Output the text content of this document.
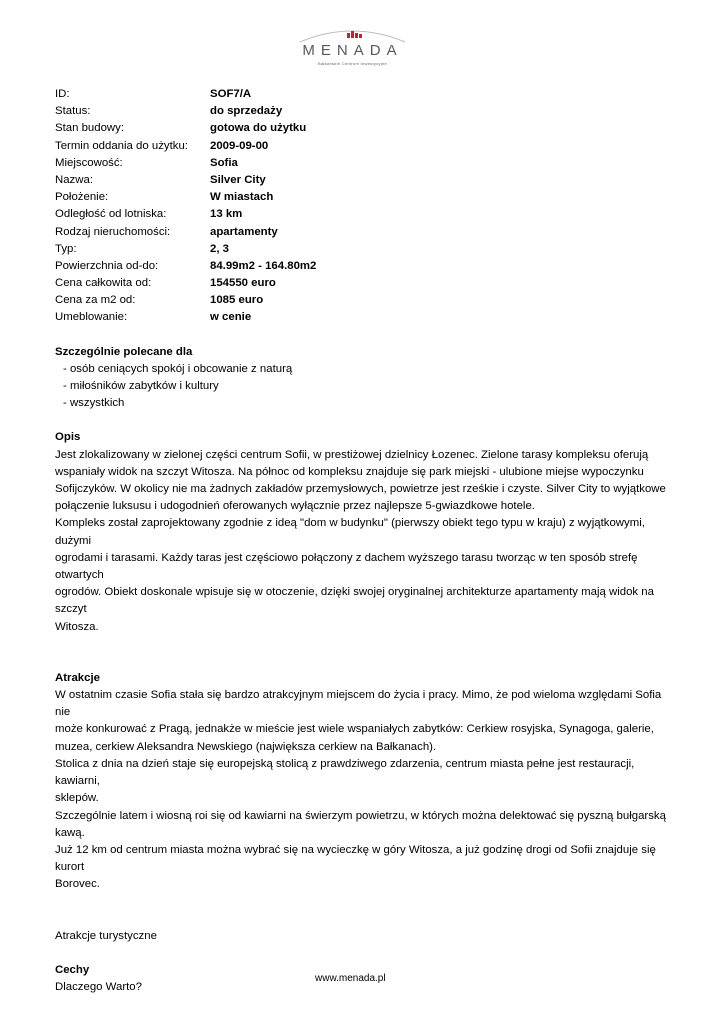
MENADA
Bałkańskie Centrum Inwestycyjne
ID:	SOF7/A
Status:	do sprzedaży
Stan budowy:	gotowa do użytku
Termin oddania do użytku:	2009-09-00
Miejscowość:	Sofia
Nazwa:	Silver City
Położenie:	W miastach
Odległość od lotniska:	13 km
Rodzaj nieruchomości:	apartamenty
Typ:	2, 3
Powierzchnia od-do:	84.99m2 - 164.80m2
Cena całkowita od:	154550 euro
Cena za m2 od:	1085 euro
Umeblowanie:	w cenie
Szczególnie polecane dla
- osób ceniących spokój i obcowanie z naturą
- miłośników zabytków i kultury
- wszystkich
Opis
Jest zlokalizowany w zielonej części centrum Sofii, w prestiżowej dzielnicy Łozenec. Zielone tarasy kompleksu oferują
wspaniały widok na szczyt Witosza. Na północ od kompleksu znajduje się park miejski - ulubione miejse wypoczynku
Sofijczyków. W okolicy nie ma żadnych zakładów przemysłowych, powietrze jest rześkie i czyste. Silver City to wyjątkowe
połączenie luksusu i udogodnień oferowanych wyłącznie przez najlepsze 5-gwiazdkowe hotele.
Kompleks został zaprojektowany zgodnie z ideą "dom w budynku" (pierwszy obiekt tego typu w kraju) z wyjątkowymi, dużymi
ogrodami i tarasami. Każdy taras jest częściowo połączony z dachem wyższego tarasu tworząc w ten sposób strefę otwartych
ogrodów. Obiekt doskonale wpisuje się w otoczenie, dzięki swojej oryginalnej architekturze apartamenty mają widok na szczyt
Witosza.
Atrakcje
W ostatnim czasie Sofia stała się bardzo atrakcyjnym miejscem do życia i pracy. Mimo, że pod wieloma względami Sofia nie
może konkurować z Pragą, jednakże w mieście jest wiele wspaniałych zabytków: Cerkiew rosyjska, Synagoga, galerie,
muzea, cerkiew Aleksandra Newskiego (największa cerkiew na Bałkanach).
Stolica z dnia na dzień staje się europejską stolicą z prawdziwego zdarzenia, centrum miasta pełne jest restauracji, kawiarni,
sklepów.
Szczególnie latem i wiosną roi się od kawiarni na świerzym powietrzu, w których można delektować się pyszną bułgarską
kawą.
Już 12 km od centrum miasta można wybrać się na wycieczkę w góry Witosza, a już godzinę drogi od Sofii znajduje się kurort
Borovec.
Atrakcje turystyczne
Cechy
Dlaczego Warto?
www.menada.pl
